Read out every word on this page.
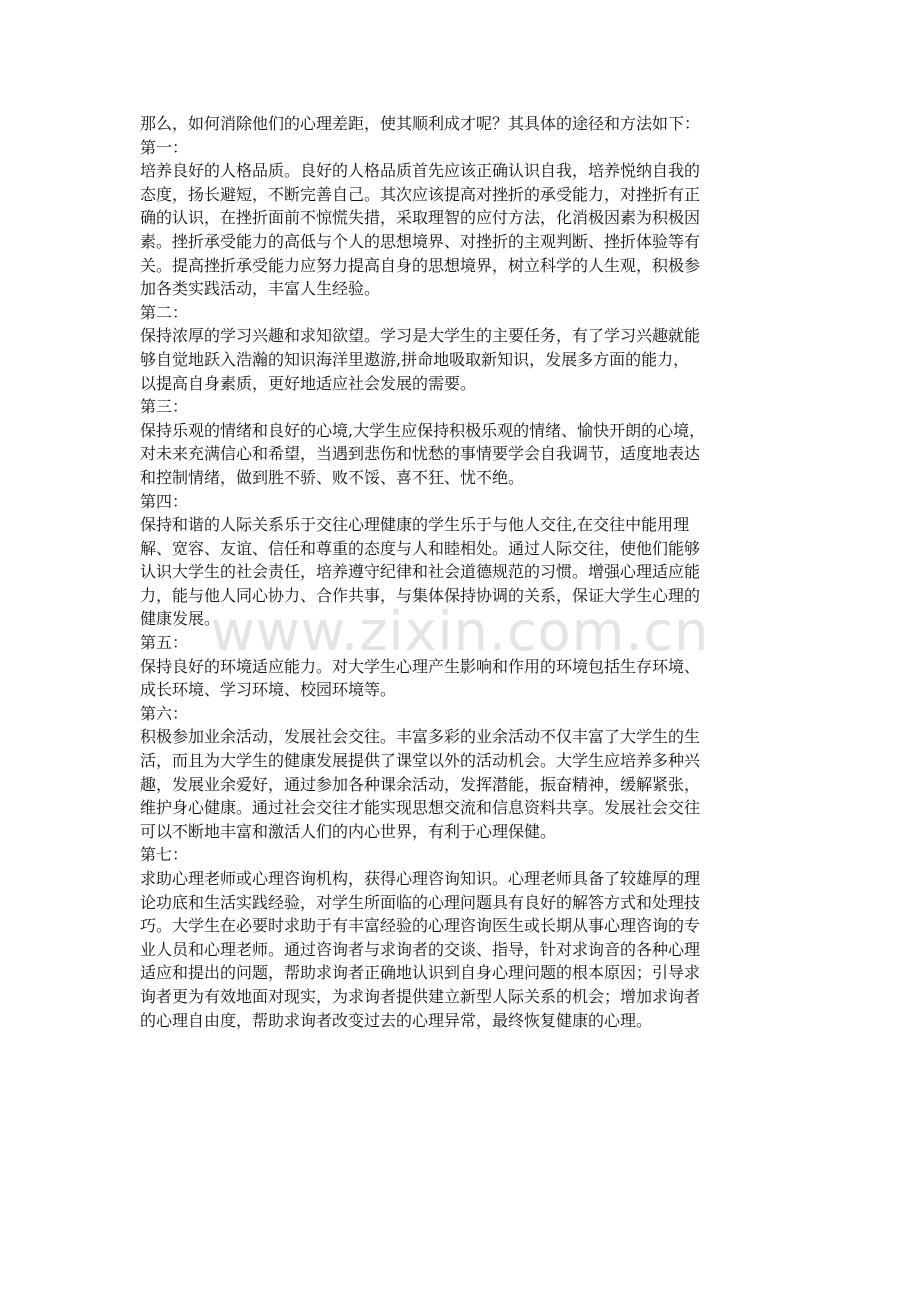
www.zixin.com.cn

那么，如何消除他们的心理差距，使其顺利成才呢？其具体的途径和方法如下：

第一：

培养良好的人格品质。良好的人格品质首先应该正确认识自我，培养悦纳自我的

态度，扬长避短，不断完善自己。其次应该提高对挫折的承受能力，对挫折有正

确的认识，在挫折面前不惊慌失措，采取理智的应付方法，化消极因素为积极因

素。挫折承受能力的高低与个人的思想境界、对挫折的主观判断、挫折体验等有

关。提高挫折承受能力应努力提高自身的思想境界，树立科学的人生观，积极参

加各类实践活动，丰富人生经验。

第二：

保持浓厚的学习兴趣和求知欲望。学习是大学生的主要任务，有了学习兴趣就能

够自觉地跃入浩瀚的知识海洋里遨游,拼命地吸取新知识，发展多方面的能力，

以提高自身素质，更好地适应社会发展的需要。

第三：

保持乐观的情绪和良好的心境,大学生应保持积极乐观的情绪、愉快开朗的心境，

对未来充满信心和希望，当遇到悲伤和忧愁的事情要学会自我调节，适度地表达

和控制情绪，做到胜不骄、败不馁、喜不狂、忧不绝。

第四：

保持和谐的人际关系乐于交往心理健康的学生乐于与他人交往,在交往中能用理

解、宽容、友谊、信任和尊重的态度与人和睦相处。通过人际交往，使他们能够

认识大学生的社会责任，培养遵守纪律和社会道德规范的习惯。增强心理适应能

力，能与他人同心协力、合作共事，与集体保持协调的关系，保证大学生心理的

健康发展。

第五：

保持良好的环境适应能力。对大学生心理产生影响和作用的环境包括生存环境、

成长环境、学习环境、校园环境等。

第六：

积极参加业余活动，发展社会交往。丰富多彩的业余活动不仅丰富了大学生的生

活，而且为大学生的健康发展提供了课堂以外的活动机会。大学生应培养多种兴

趣，发展业余爱好，通过参加各种课余活动，发挥潜能，振奋精神，缓解紧张，

维护身心健康。通过社会交往才能实现思想交流和信息资料共享。发展社会交往

可以不断地丰富和激活人们的内心世界，有利于心理保健。

第七：

求助心理老师或心理咨询机构，获得心理咨询知识。心理老师具备了较雄厚的理

论功底和生活实践经验，对学生所面临的心理问题具有良好的解答方式和处理技

巧。大学生在必要时求助于有丰富经验的心理咨询医生或长期从事心理咨询的专

业人员和心理老师。通过咨询者与求询者的交谈、指导，针对求询音的各种心理

适应和提出的问题，帮助求询者正确地认识到自身心理问题的根本原因；引导求

询者更为有效地面对现实，为求询者提供建立新型人际关系的机会；增加求询者

的心理自由度，帮助求询者改变过去的心理异常，最终恢复健康的心理。
